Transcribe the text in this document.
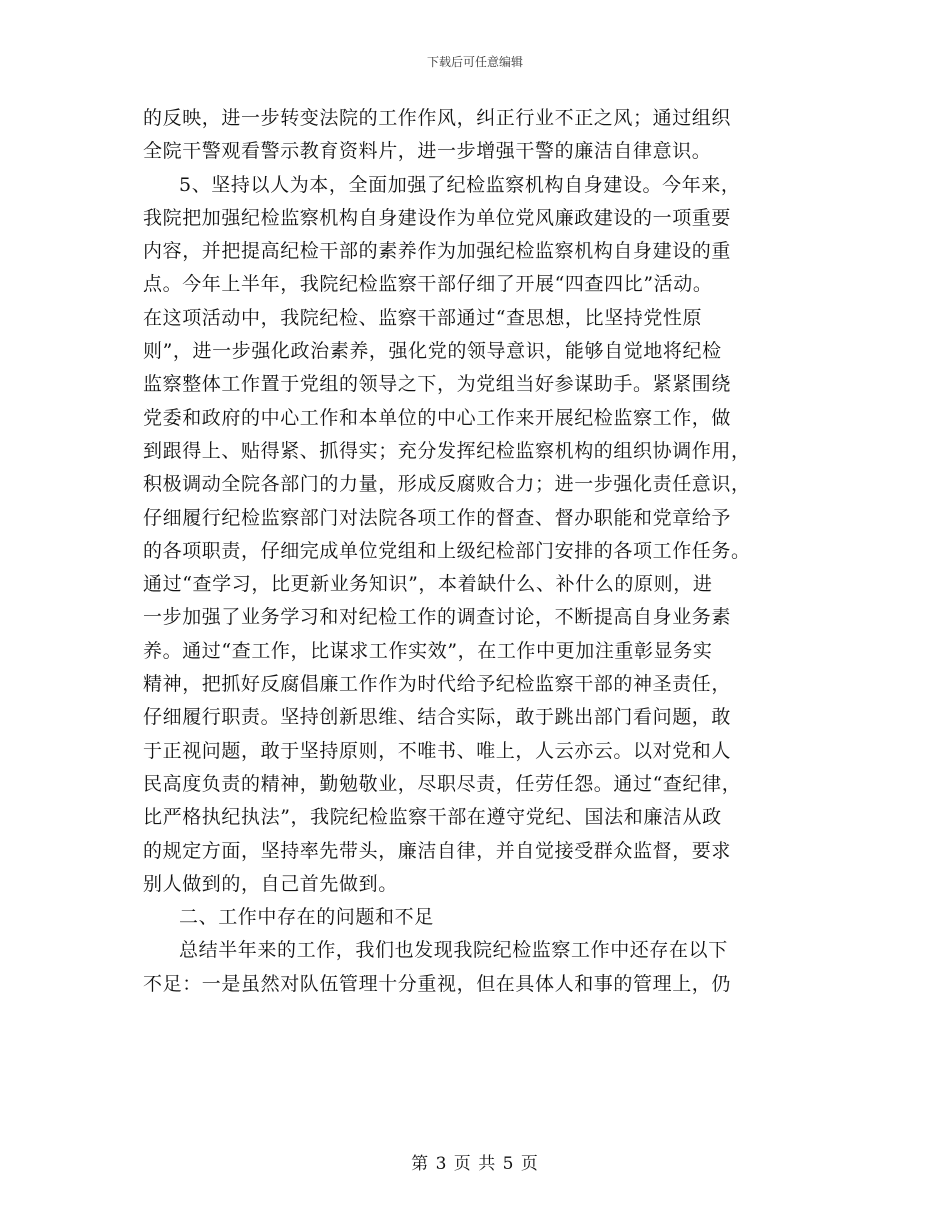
下载后可任意编辑
的反映，进一步转变法院的工作作风，纠正行业不正之风；通过组织
全院干警观看警示教育资料片，进一步增强干警的廉洁自律意识。
5、坚持以人为本，全面加强了纪检监察机构自身建设。今年来，
我院把加强纪检监察机构自身建设作为单位党风廉政建设的一项重要
内容，并把提高纪检干部的素养作为加强纪检监察机构自身建设的重
点。今年上半年，我院纪检监察干部仔细了开展“四查四比”活动。
在这项活动中，我院纪检、监察干部通过“查思想，比坚持党性原
则”，进一步强化政治素养，强化党的领导意识，能够自觉地将纪检
监察整体工作置于党组的领导之下，为党组当好参谋助手。紧紧围绕
党委和政府的中心工作和本单位的中心工作来开展纪检监察工作，做
到跟得上、贴得紧、抓得实；充分发挥纪检监察机构的组织协调作用，
积极调动全院各部门的力量，形成反腐败合力；进一步强化责任意识，
仔细履行纪检监察部门对法院各项工作的督查、督办职能和党章给予
的各项职责，仔细完成单位党组和上级纪检部门安排的各项工作任务。
通过“查学习，比更新业务知识”，本着缺什么、补什么的原则，进
一步加强了业务学习和对纪检工作的调查讨论，不断提高自身业务素
养。通过“查工作，比谋求工作实效”，在工作中更加注重彰显务实
精神，把抓好反腐倡廉工作作为时代给予纪检监察干部的神圣责任，
仔细履行职责。坚持创新思维、结合实际，敢于跳出部门看问题，敢
于正视问题，敢于坚持原则，不唯书、唯上，人云亦云。以对党和人
民高度负责的精神，勤勉敬业，尽职尽责，任劳任怨。通过“查纪律，
比严格执纪执法”，我院纪检监察干部在遵守党纪、国法和廉洁从政
的规定方面，坚持率先带头，廉洁自律，并自觉接受群众监督，要求
别人做到的，自己首先做到。
二、工作中存在的问题和不足
总结半年来的工作，我们也发现我院纪检监察工作中还存在以下
不足：一是虽然对队伍管理十分重视，但在具体人和事的管理上，仍
第 3 页 共 5 页
